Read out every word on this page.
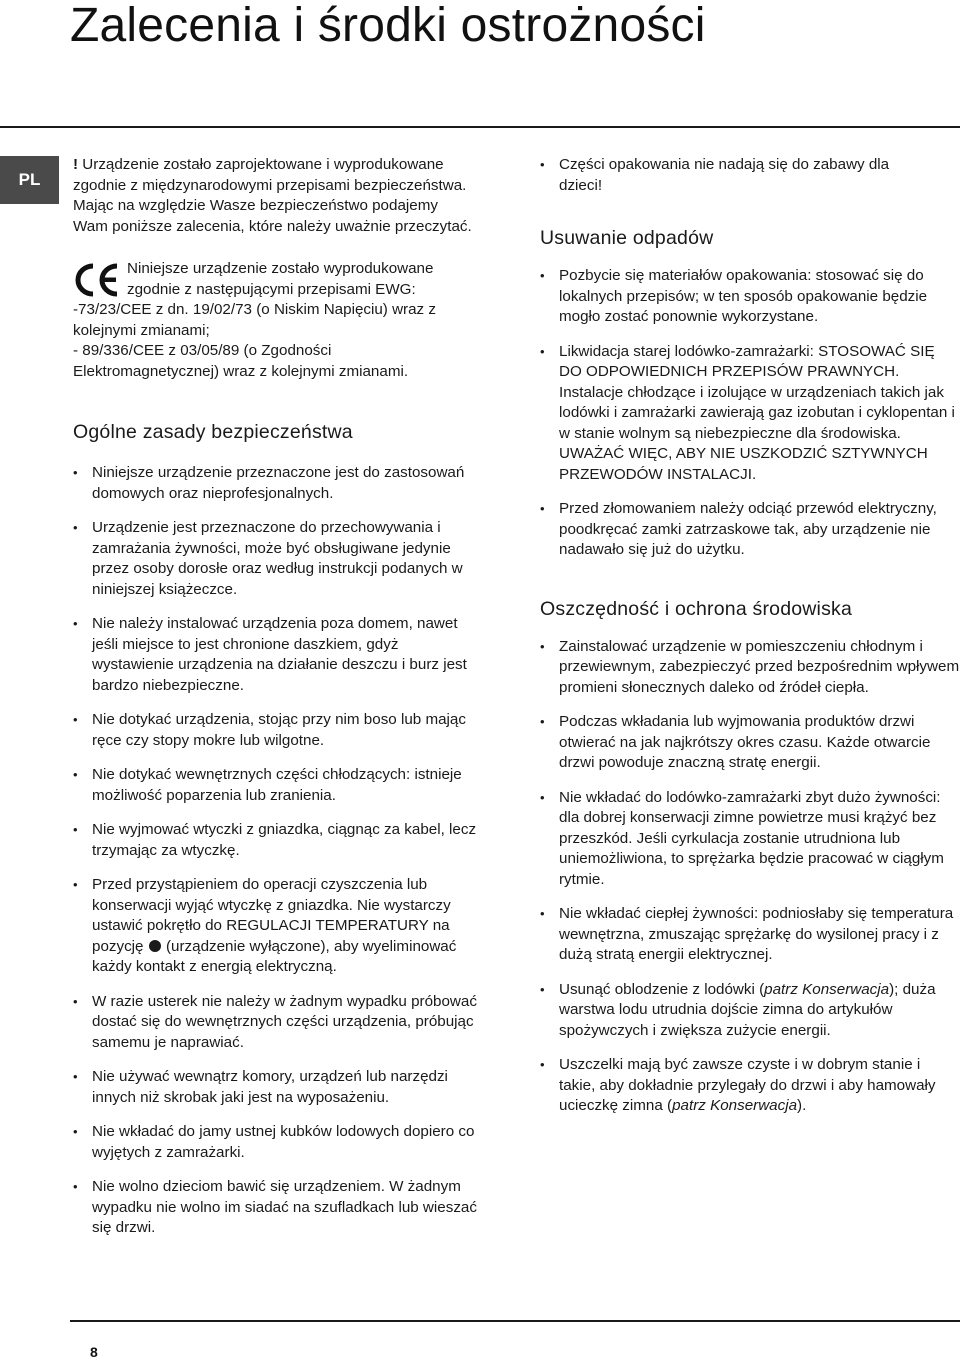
Zalecenia i środki ostrożności
PL

! Urządzenie zostało zaprojektowane i wyprodukowane zgodnie z międzynarodowymi przepisami bezpieczeństwa. Mając na względzie Wasze bezpieczeństwo podajemy Wam poniższe zalecenia, które należy uważnie przeczytać.

Niniejsze urządzenie zostało wyprodukowane

zgodnie z następującymi przepisami EWG:

-73/23/CEE z dn. 19/02/73 (o Niskim Napięciu) wraz z kolejnymi zmianami;

- 89/336/CEE z 03/05/89 (o Zgodności Elektromagnetycznej) wraz z kolejnymi zmianami.

Ogólne zasady bezpieczeństwa
• Niniejsze urządzenie przeznaczone jest do zastosowań domowych oraz nieprofesjonalnych.
• Urządzenie jest przeznaczone do przechowywania i zamrażania żywności, może być obsługiwane jedynie przez osoby dorosłe oraz według instrukcji podanych w niniejszej książeczce.
• Nie należy instalować urządzenia poza domem, nawet jeśli miejsce to jest chronione daszkiem, gdyż wystawienie urządzenia na działanie deszczu i burz jest bardzo niebezpieczne.
• Nie dotykać urządzenia, stojąc przy nim boso lub mając ręce czy stopy mokre lub wilgotne.
• Nie dotykać wewnętrznych części chłodzących: istnieje możliwość poparzenia lub zranienia.
• Nie wyjmować wtyczki z gniazdka, ciągnąc za kabel, lecz trzymając za wtyczkę.
• Przed przystąpieniem do operacji czyszczenia lub konserwacji wyjąć wtyczkę z gniazdka. Nie wystarczy ustawić pokrętło do REGULACJI TEMPERATURY na pozycję (urządzenie wyłączone), aby wyeliminować każdy kontakt z energią elektryczną.
• W razie usterek nie należy w żadnym wypadku próbować dostać się do wewnętrznych części urządzenia, próbując samemu je naprawiać.
• Nie używać wewnątrz komory, urządzeń lub narzędzi innych niż skrobak jaki jest na wyposażeniu.
• Nie wkładać do jamy ustnej kubków lodowych dopiero co wyjętych z zamrażarki.
• Nie wolno dzieciom bawić się urządzeniem. W żadnym wypadku nie wolno im siadać na szufladkach lub wieszać się drzwi.
• Części opakowania nie nadają się do zabawy dla dzieci!
Usuwanie odpadów
• Pozbycie się materiałów opakowania: stosować się do lokalnych przepisów; w ten sposób opakowanie będzie mogło zostać ponownie wykorzystane.

• Likwidacja starej lodówko-zamrażarki: STOSOWAĆ SIĘ DO ODPOWIEDNICH PRZEPISÓW PRAWNYCH.

Instalacje chłodzące i izolujące w urządzeniach takich jak lodówki i zamrażarki zawierają gaz izobutan i cyklopentan i w stanie wolnym są niebezpieczne dla środowiska. UWAŻAĆ WIĘC, ABY NIE USZKODZIĆ SZTYWNYCH PRZEWODÓW INSTALACJI.

• Przed złomowaniem należy odciąć przewód elektryczny, poodkręcać zamki zatrzaskowe tak, aby urządzenie nie nadawało się już do użytku.
Oszczędność i ochrona środowiska
• Zainstalować urządzenie w pomieszczeniu chłodnym i przewiewnym, zabezpieczyć przed bezpośrednim wpływem promieni słonecznych daleko od źródeł ciepła.
• Podczas wkładania lub wyjmowania produktów drzwi otwierać na jak najkrótszy okres czasu. Każde otwarcie drzwi powoduje znaczną stratę energii.
• Nie wkładać do lodówko-zamrażarki zbyt dużo żywności: dla dobrej konserwacji zimne powietrze musi krążyć bez przeszkód. Jeśli cyrkulacja zostanie utrudniona lub uniemożliwiona, to sprężarka będzie pracować w ciągłym rytmie.
• Nie wkładać ciepłej żywności: podniosłaby się temperatura wewnętrzna, zmuszając sprężarkę do wysilonej pracy i z dużą stratą energii elektrycznej.
• Usunąć oblodzenie z lodówki (patrz Konserwacja); duża warstwa lodu utrudnia dojście zimna do artykułów spożywczych i zwiększa zużycie energii.
• Uszczelki mają być zawsze czyste i w dobrym stanie i takie, aby dokładnie przylegały do drzwi i aby hamowały ucieczkę zimna (patrz Konserwacja).
8
